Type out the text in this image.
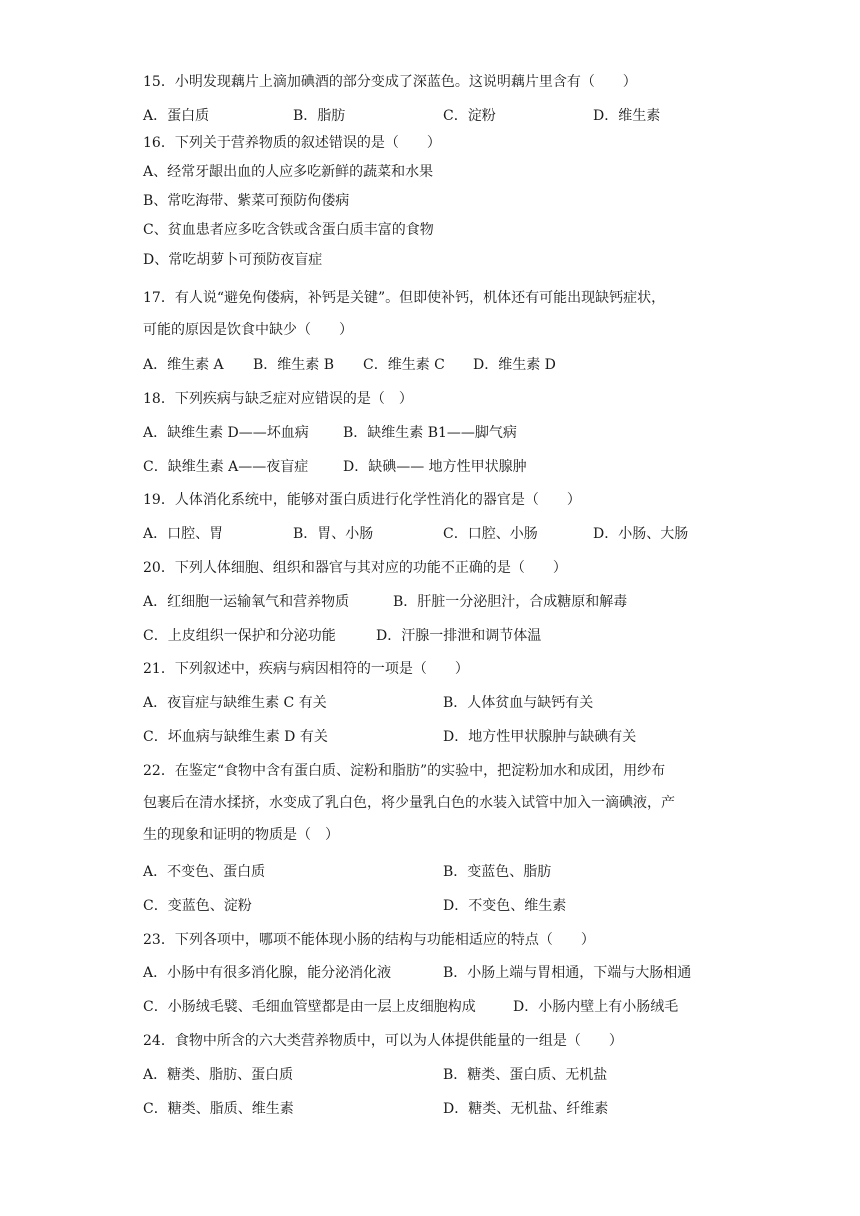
15．小明发现藕片上滴加碘酒的部分变成了深蓝色。这说明藕片里含有（　　）
A．蛋白质	B．脂肪	C．淀粉	D．维生素
16．下列关于营养物质的叙述错误的是（　　）
A、经常牙龈出血的人应多吃新鲜的蔬菜和水果
B、常吃海带、紫菜可预防佝偻病
C、贫血患者应多吃含铁或含蛋白质丰富的食物
D、常吃胡萝卜可预防夜盲症
17．有人说“避免佝偻病，补钙是关键”。但即使补钙，机体还有可能出现缺钙症状，
可能的原因是饮食中缺少（　　）
A．维生素 A B．维生素 B C．维生素 C D．维生素 D
18．下列疾病与缺乏症对应错误的是（　）
A．缺维生素 D——坏血病 B．缺维生素 B1——脚气病
C．缺维生素 A——夜盲症 D．缺碘—— 地方性甲状腺肿
19．人体消化系统中，能够对蛋白质进行化学性消化的器官是（　　）
A．口腔、胃	B．胃、小肠	C．口腔、小肠	D．小肠、大肠
20．下列人体细胞、组织和器官与其对应的功能不正确的是（　　）
A．红细胞一运输氧气和营养物质	B．肝脏一分泌胆汁，合成糖原和解毒
C．上皮组织一保护和分泌功能	D．汗腺一排泄和调节体温
21．下列叙述中，疾病与病因相符的一项是（　　）
A．夜盲症与缺维生素 C 有关	B．人体贫血与缺钙有关
C．坏血病与缺维生素 D 有关	D．地方性甲状腺肿与缺碘有关
22．在鉴定“食物中含有蛋白质、淀粉和脂肪”的实验中，把淀粉加水和成团，用纱布
包裹后在清水揉挤，水变成了乳白色，将少量乳白色的水装入试管中加入一滴碘液，产
生的现象和证明的物质是（　）
A．不变色、蛋白质	B．变蓝色、脂肪
C．变蓝色、淀粉	D．不变色、维生素
23．下列各项中，哪项不能体现小肠的结构与功能相适应的特点（　　）
A．小肠中有很多消化腺，能分泌消化液	B．小肠上端与胃相通，下端与大肠相通
C．小肠绒毛襞、毛细血管壁都是由一层上皮细胞构成	D．小肠内壁上有小肠绒毛
24．食物中所含的六大类营养物质中，可以为人体提供能量的一组是（　　）
A．糖类、脂肪、蛋白质	B．糖类、蛋白质、无机盐
C．糖类、脂质、维生素	D．糖类、无机盐、纤维素
